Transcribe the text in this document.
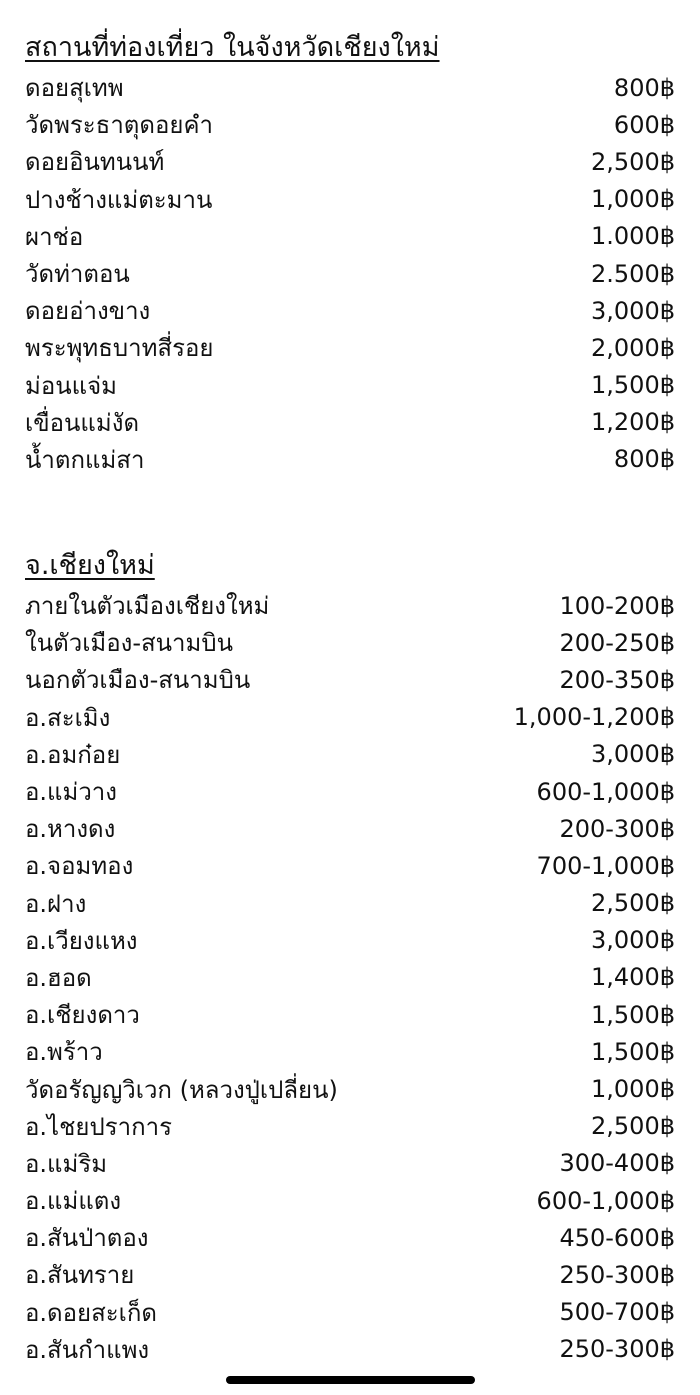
สถานที่ท่องเที่ยว ในจังหวัดเชียงใหม่
ดอยสุเทพ	800฿
วัดพระธาตุดอยคำ	600฿
ดอยอินทนนท์	2,500฿
ปางช้างแม่ตะมาน	1,000฿
ผาช่อ	1.000฿
วัดท่าตอน	2.500฿
ดอยอ่างขาง	3,000฿
พระพุทธบาทสี่รอย	2,000฿
ม่อนแจ่ม	1,500฿
เขื่อนแม่งัด	1,200฿
น้ำตกแม่สา	800฿
จ.เชียงใหม่
ภายในตัวเมืองเชียงใหม่	100-200฿
ในตัวเมือง-สนามบิน	200-250฿
นอกตัวเมือง-สนามบิน	200-350฿
อ.สะเมิง	1,000-1,200฿
อ.อมก๋อย	3,000฿
อ.แม่วาง	600-1,000฿
อ.หางดง	200-300฿
อ.จอมทอง	700-1,000฿
อ.ฝาง	2,500฿
อ.เวียงแหง	3,000฿
อ.ฮอด	1,400฿
อ.เชียงดาว	1,500฿
อ.พร้าว	1,500฿
วัดอรัญญวิเวก (หลวงปู่เปลี่ยน)	1,000฿
อ.ไชยปราการ	2,500฿
อ.แม่ริม	300-400฿
อ.แม่แตง	600-1,000฿
อ.สันป่าตอง	450-600฿
อ.สันทราย	250-300฿
อ.ดอยสะเก็ด	500-700฿
อ.สันกำแพง	250-300฿
